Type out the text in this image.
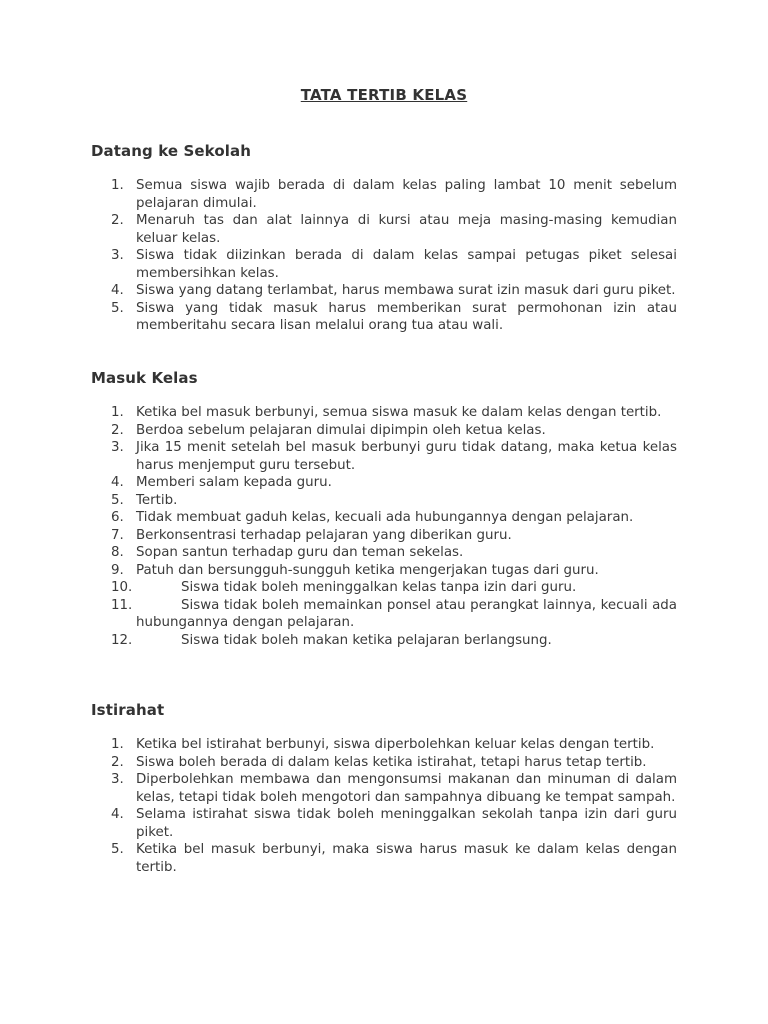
TATA TERTIB KELAS
Datang ke Sekolah
1. Semua siswa wajib berada di dalam kelas paling lambat 10 menit sebelum pelajaran dimulai.
2. Menaruh tas dan alat lainnya di kursi atau meja masing-masing kemudian keluar kelas.
3. Siswa tidak diizinkan berada di dalam kelas sampai petugas piket selesai membersihkan kelas.
4. Siswa yang datang terlambat, harus membawa surat izin masuk dari guru piket.
5. Siswa yang tidak masuk harus memberikan surat permohonan izin atau memberitahu secara lisan melalui orang tua atau wali.
Masuk Kelas
1. Ketika bel masuk berbunyi, semua siswa masuk ke dalam kelas dengan tertib.
2. Berdoa sebelum pelajaran dimulai dipimpin oleh ketua kelas.
3. Jika 15 menit setelah bel masuk berbunyi guru tidak datang, maka ketua kelas harus menjemput guru tersebut.
4. Memberi salam kepada guru.
5. Tertib.
6. Tidak membuat gaduh kelas, kecuali ada hubungannya dengan pelajaran.
7. Berkonsentrasi terhadap pelajaran yang diberikan guru.
8. Sopan santun terhadap guru dan teman sekelas.
9. Patuh dan bersungguh-sungguh ketika mengerjakan tugas dari guru.
10.	Siswa tidak boleh meninggalkan kelas tanpa izin dari guru.
11.	Siswa tidak boleh memainkan ponsel atau perangkat lainnya, kecuali ada hubungannya dengan pelajaran.
12.	Siswa tidak boleh makan ketika pelajaran berlangsung.
Istirahat
1. Ketika bel istirahat berbunyi, siswa diperbolehkan keluar kelas dengan tertib.
2. Siswa boleh berada di dalam kelas ketika istirahat, tetapi harus tetap tertib.
3. Diperbolehkan membawa dan mengonsumsi makanan dan minuman di dalam kelas, tetapi tidak boleh mengotori dan sampahnya dibuang ke tempat sampah.
4. Selama istirahat siswa tidak boleh meninggalkan sekolah tanpa izin dari guru piket.
5. Ketika bel masuk berbunyi, maka siswa harus masuk ke dalam kelas dengan tertib.
